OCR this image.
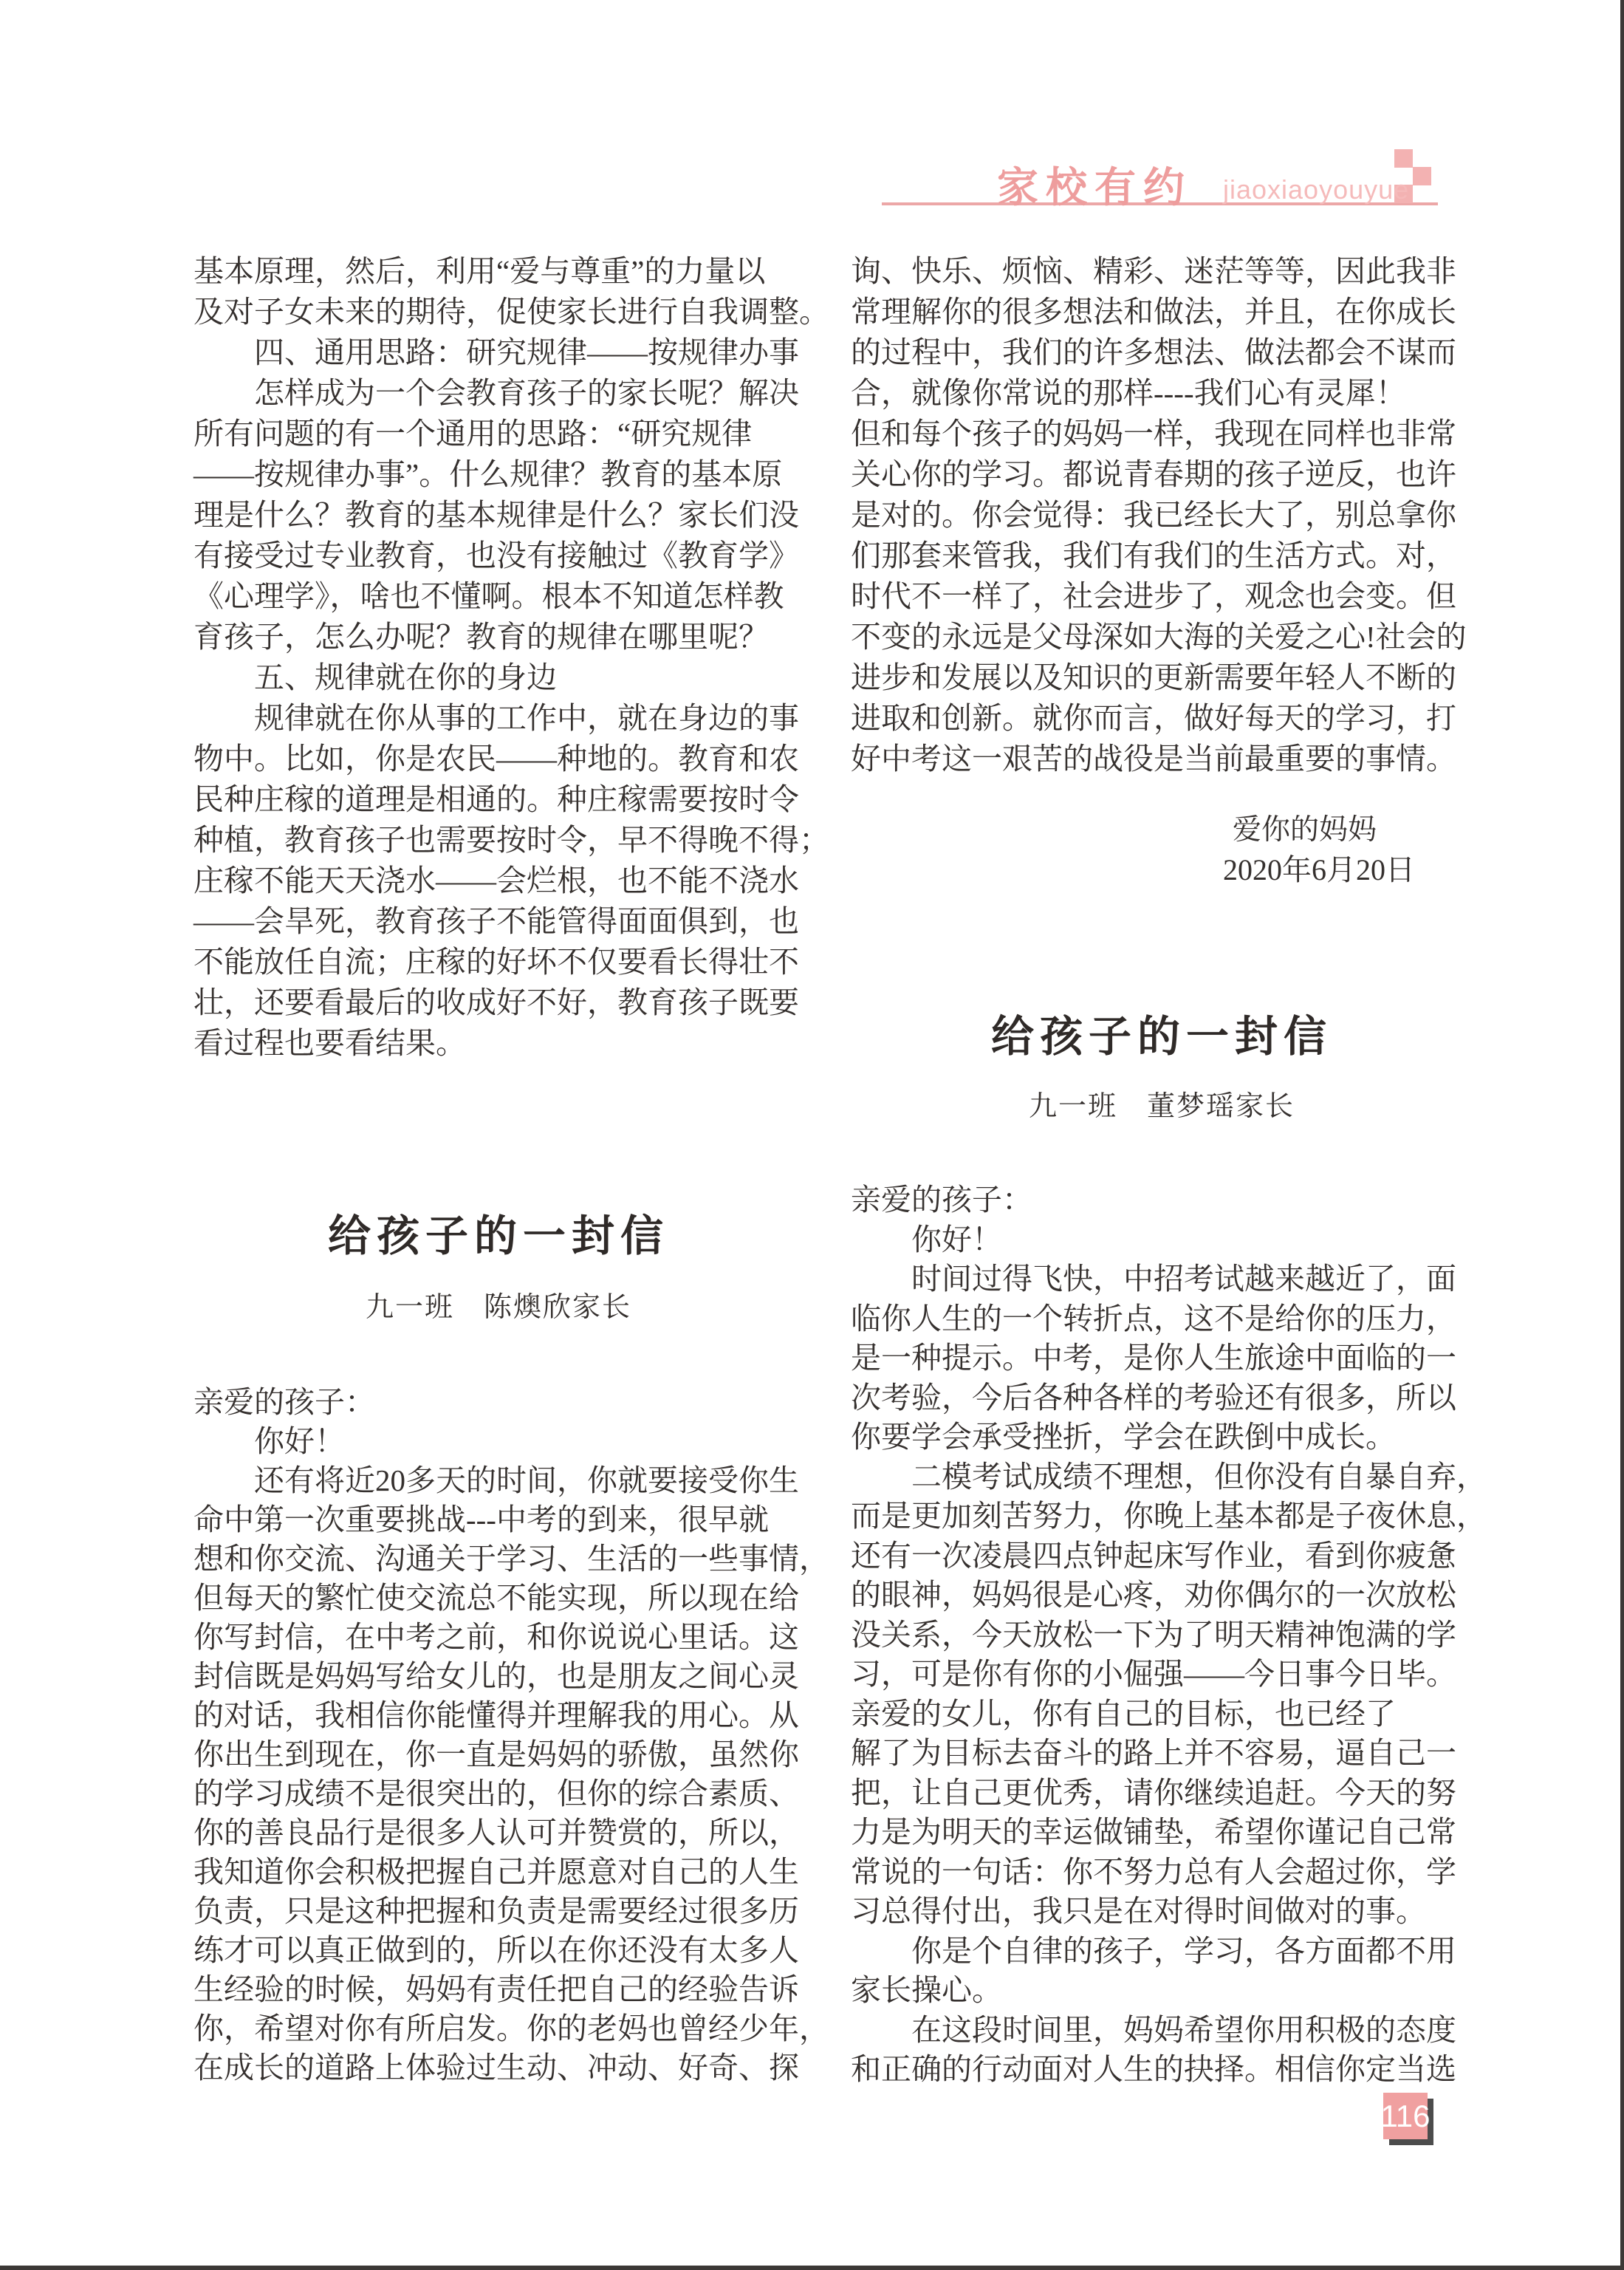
家校有约 jiaoxiaoyouyue
基本原理，然后，利用“爱与尊重”的力量以
及对子女未来的期待，促使家长进行自我调整。
　　四、通用思路：研究规律——按规律办事
　　怎样成为一个会教育孩子的家长呢？解决
所有问题的有一个通用的思路：“研究规律
——按规律办事”。什么规律？教育的基本原
理是什么？教育的基本规律是什么？家长们没
有接受过专业教育，也没有接触过《教育学》
《心理学》，啥也不懂啊。根本不知道怎样教
育孩子，怎么办呢？教育的规律在哪里呢？
　　五、规律就在你的身边
　　规律就在你从事的工作中，就在身边的事
物中。比如，你是农民——种地的。教育和农
民种庄稼的道理是相通的。种庄稼需要按时令
种植，教育孩子也需要按时令，早不得晚不得；
庄稼不能天天浇水——会烂根，也不能不浇水
——会旱死，教育孩子不能管得面面俱到，也
不能放任自流；庄稼的好坏不仅要看长得壮不
壮，还要看最后的收成好不好，教育孩子既要
看过程也要看结果。
给孩子的一封信
九一班　陈燠欣家长
亲爱的孩子：
　　你好！
　　还有将近20多天的时间，你就要接受你生
命中第一次重要挑战---中考的到来，很早就
想和你交流、沟通关于学习、生活的一些事情，
但每天的繁忙使交流总不能实现，所以现在给
你写封信，在中考之前，和你说说心里话。这
封信既是妈妈写给女儿的，也是朋友之间心灵
的对话，我相信你能懂得并理解我的用心。从
你出生到现在，你一直是妈妈的骄傲，虽然你
的学习成绩不是很突出的，但你的综合素质、
你的善良品行是很多人认可并赞赏的，所以，
我知道你会积极把握自己并愿意对自己的人生
负责，只是这种把握和负责是需要经过很多历
练才可以真正做到的，所以在你还没有太多人
生经验的时候，妈妈有责任把自己的经验告诉
你，希望对你有所启发。你的老妈也曾经少年，
在成长的道路上体验过生动、冲动、好奇、探
询、快乐、烦恼、精彩、迷茫等等，因此我非
常理解你的很多想法和做法，并且，在你成长
的过程中，我们的许多想法、做法都会不谋而
合，就像你常说的那样----我们心有灵犀！
但和每个孩子的妈妈一样，我现在同样也非常
关心你的学习。都说青春期的孩子逆反，也许
是对的。你会觉得：我已经长大了，别总拿你
们那套来管我，我们有我们的生活方式。对，
时代不一样了，社会进步了，观念也会变。但
不变的永远是父母深如大海的关爱之心!社会的
进步和发展以及知识的更新需要年轻人不断的
进取和创新。就你而言，做好每天的学习，打
好中考这一艰苦的战役是当前最重要的事情。
爱你的妈妈
2020年6月20日
给孩子的一封信
九一班　董梦瑶家长
亲爱的孩子：
　　你好！
　　时间过得飞快，中招考试越来越近了，面
临你人生的一个转折点，这不是给你的压力，
是一种提示。中考，是你人生旅途中面临的一
次考验，今后各种各样的考验还有很多，所以
你要学会承受挫折，学会在跌倒中成长。
　　二模考试成绩不理想，但你没有自暴自弃，
而是更加刻苦努力，你晚上基本都是子夜休息，
还有一次凌晨四点钟起床写作业，看到你疲惫
的眼神，妈妈很是心疼，劝你偶尔的一次放松
没关系，今天放松一下为了明天精神饱满的学
习，可是你有你的小倔强——今日事今日毕。
亲爱的女儿，你有自己的目标，也已经了
解了为目标去奋斗的路上并不容易，逼自己一
把，让自己更优秀，请你继续追赶。今天的努
力是为明天的幸运做铺垫，希望你谨记自己常
常说的一句话：你不努力总有人会超过你，学
习总得付出，我只是在对得时间做对的事。
　　你是个自律的孩子，学习，各方面都不用
家长操心。
　　在这段时间里，妈妈希望你用积极的态度
和正确的行动面对人生的抉择。相信你定当选
116
